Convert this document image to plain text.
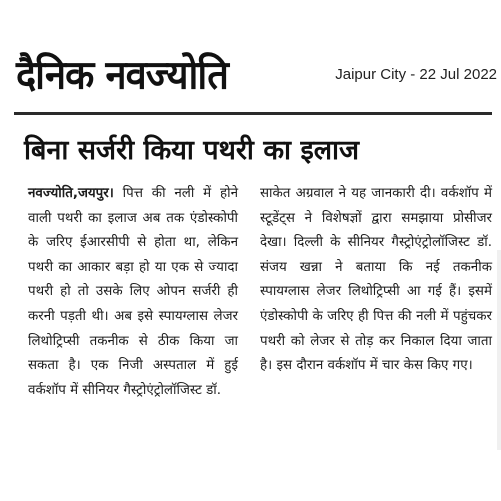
दैनिक नवज्योति	Jaipur City - 22 Jul 2022
बिना सर्जरी किया पथरी का इलाज
नवज्योति,जयपुर। पित्त की नली में होने वाली पथरी का इलाज अब तक एंडोस्कोपी के जरिए ईआरसीपी से होता था, लेकिन पथरी का आकार बड़ा हो या एक से ज्यादा पथरी हो तो उसके लिए ओपन सर्जरी ही करनी पड़ती थी। अब इसे स्पायग्लास लेजर लिथोट्रिप्सी तकनीक से ठीक किया जा सकता है। एक निजी अस्पताल में हुई वर्कशॉप में सीनियर गैस्ट्रोएंट्रोलॉजिस्ट डॉ.
साकेत अग्रवाल ने यह जानकारी दी। वर्कशॉप में स्टूडेंट्स ने विशेषज्ञों द्वारा समझाया प्रोसीजर देखा। दिल्ली के सीनियर गैस्ट्रोएंट्रोलॉजिस्ट डॉ. संजय खन्ना ने बताया कि नई तकनीक स्पायग्लास लेजर लिथोट्रिप्सी आ गई हैं। इसमें एंडोस्कोपी के जरिए ही पित्त की नली में पहुंचकर पथरी को लेजर से तोड़ कर निकाल दिया जाता है। इस दौरान वर्कशॉप में चार केस किए गए।
